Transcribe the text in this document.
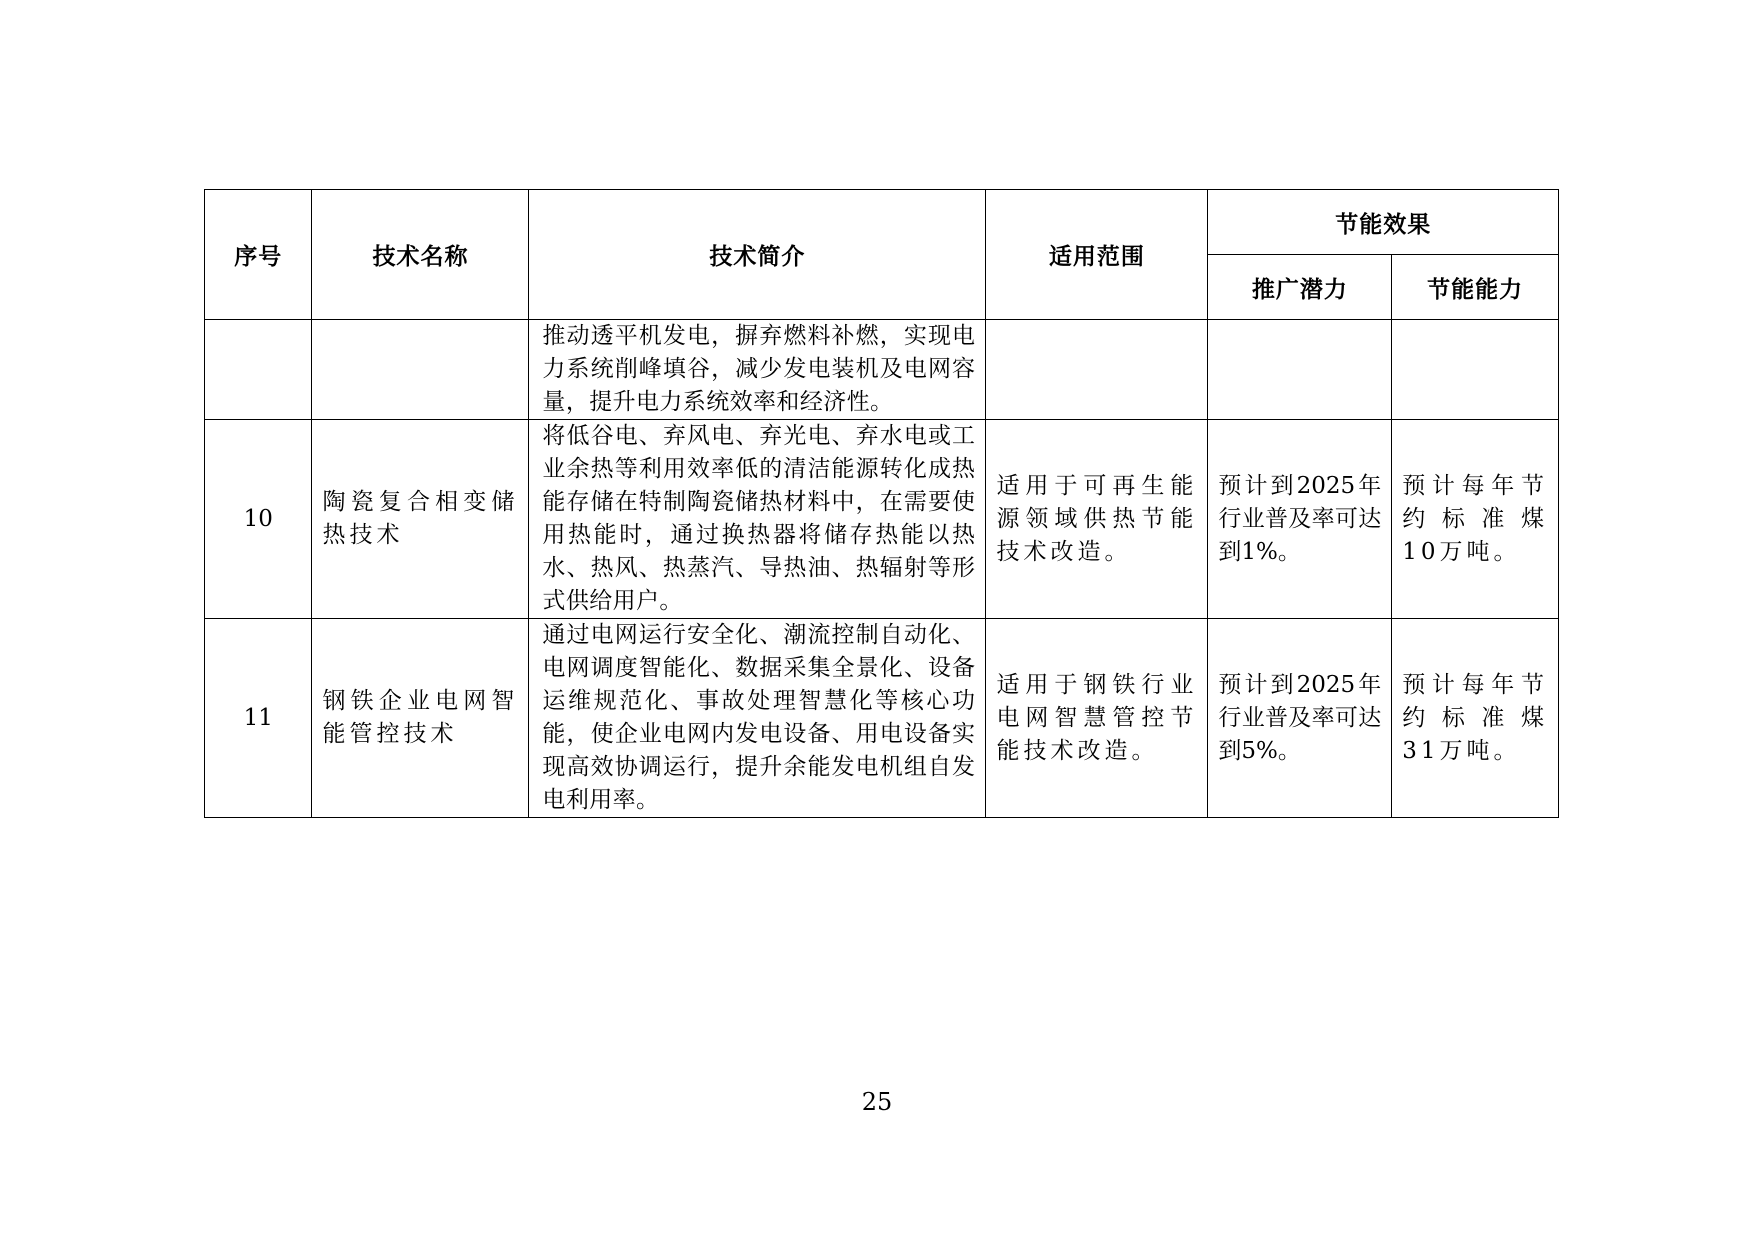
序号	技术名称	技术简介	适用范围	节能效果	
				推广潜力	节能能力
		推动透平机发电，摒弃燃料补燃，实现电力系统削峰填谷，减少发电装机及电网容量，提升电力系统效率和经济性。			
10	陶瓷复合相变储热技术	将低谷电、弃风电、弃光电、弃水电或工业余热等利用效率低的清洁能源转化成热能存储在特制陶瓷储热材料中，在需要使用热能时，通过换热器将储存热能以热水、热风、热蒸汽、导热油、热辐射等形式供给用户。	适用于可再生能源领域供热节能技术改造。	预计到2025年行业普及率可达到1%。	预计每年节约标准煤 10万吨。
11	钢铁企业电网智能管控技术	通过电网运行安全化、潮流控制自动化、电网调度智能化、数据采集全景化、设备运维规范化、事故处理智慧化等核心功能，使企业电网内发电设备、用电设备实现高效协调运行，提升余能发电机组自发电利用率。	适用于钢铁行业电网智慧管控节能技术改造。	预计到2025年行业普及率可达到5%。	预计每年节约标准煤 31万吨。
25
